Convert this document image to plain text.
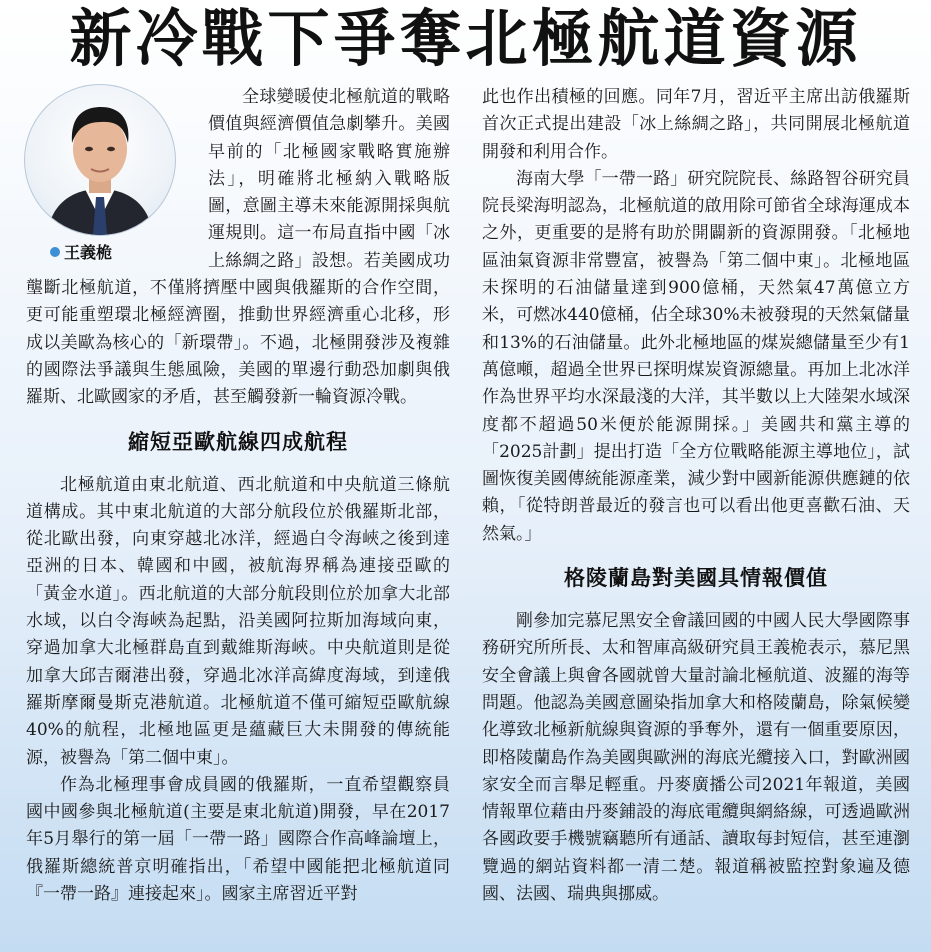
新冷戰下爭奪北極航道資源
王義桅

全球變暖使北極航道的戰略價值與經濟價值急劇攀升。美國早前的「北極國家戰略實施辦法」，明確將北極納入戰略版圖，意圖主導未來能源開採與航運規則。這一布局直指中國「冰上絲綢之路」設想。若美國成功壟斷北極航道，不僅將擠壓中國與俄羅斯的合作空間，更可能重塑環北極經濟圈，推動世界經濟重心北移，形成以美歐為核心的「新環帶」。不過，北極開發涉及複雜的國際法爭議與生態風險，美國的單邊行動恐加劇與俄羅斯、北歐國家的矛盾，甚至觸發新一輪資源冷戰。

縮短亞歐航線四成航程

北極航道由東北航道、西北航道和中央航道三條航道構成。其中東北航道的大部分航段位於俄羅斯北部，從北歐出發，向東穿越北冰洋，經過白令海峽之後到達亞洲的日本、韓國和中國，被航海界稱為連接亞歐的「黃金水道」。西北航道的大部分航段則位於加拿大北部水域，以白令海峽為起點，沿美國阿拉斯加海域向東，穿過加拿大北極群島直到戴維斯海峽。中央航道則是從加拿大邱吉爾港出發，穿過北冰洋高緯度海域，到達俄羅斯摩爾曼斯克港航道。北極航道不僅可縮短亞歐航線40%的航程，北極地區更是蘊藏巨大未開發的傳統能源，被譽為「第二個中東」。

作為北極理事會成員國的俄羅斯，一直希望觀察員國中國參與北極航道(主要是東北航道)開發，早在2017年5月舉行的第一屆「一帶一路」國際合作高峰論壇上，俄羅斯總統普京明確指出，「希望中國能把北極航道同『一帶一路』連接起來」。國家主席習近平對

此也作出積極的回應。同年7月，習近平主席出訪俄羅斯首次正式提出建設「冰上絲綢之路」，共同開展北極航道開發和利用合作。

海南大學「一帶一路」研究院院長、絲路智谷研究員院長梁海明認為，北極航道的啟用除可節省全球海運成本之外，更重要的是將有助於開闢新的資源開發。「北極地區油氣資源非常豐富，被譽為「第二個中東」。北極地區未探明的石油儲量達到900億桶，天然氣47萬億立方米，可燃冰440億桶，佔全球30%未被發現的天然氣儲量和13%的石油儲量。此外北極地區的煤炭總儲量至少有1萬億噸，超過全世界已探明煤炭資源總量。再加上北冰洋作為世界平均水深最淺的大洋，其半數以上大陸架水域深度都不超過50米便於能源開採。」美國共和黨主導的「2025計劃」提出打造「全方位戰略能源主導地位」，試圖恢復美國傳統能源產業，減少對中國新能源供應鏈的依賴，「從特朗普最近的發言也可以看出他更喜歡石油、天然氣。」

格陵蘭島對美國具情報價值

剛參加完慕尼黑安全會議回國的中國人民大學國際事務研究所所長、太和智庫高級研究員王義桅表示，慕尼黑安全會議上與會各國就曾大量討論北極航道、波羅的海等問題。他認為美國意圖染指加拿大和格陵蘭島，除氣候變化導致北極新航線與資源的爭奪外，還有一個重要原因，即格陵蘭島作為美國與歐洲的海底光纜接入口，對歐洲國家安全而言舉足輕重。丹麥廣播公司2021年報道，美國情報單位藉由丹麥鋪設的海底電纜與網絡線，可透過歐洲各國政要手機號竊聽所有通話、讀取每封短信，甚至連瀏覽過的網站資料都一清二楚。報道稱被監控對象遍及德國、法國、瑞典與挪威。
